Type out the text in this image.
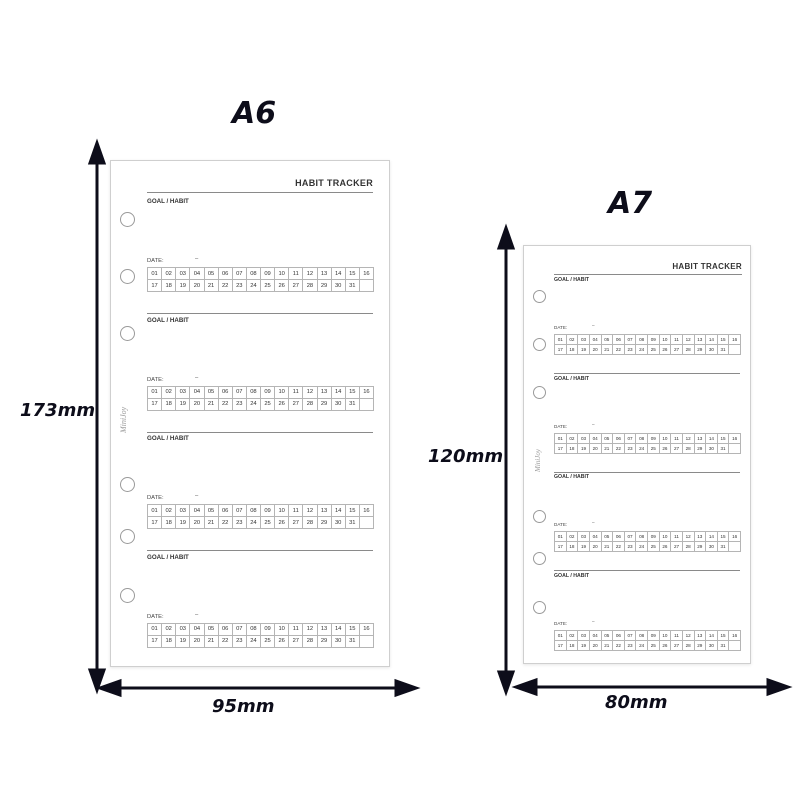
A6
A7
173mm
95mm
120mm
80mm
HABIT TRACKER
MiniJoy
GOAL / HABIT
DATE:	–
01	02	03	04	05	06	07	08	09	10	11	12	13	14	15	16
17	18	19	20	21	22	23	24	25	26	27	28	29	30	31
GOAL / HABIT
DATE:	–
01	02	03	04	05	06	07	08	09	10	11	12	13	14	15	16
17	18	19	20	21	22	23	24	25	26	27	28	29	30	31
GOAL / HABIT
DATE:	–
01	02	03	04	05	06	07	08	09	10	11	12	13	14	15	16
17	18	19	20	21	22	23	24	25	26	27	28	29	30	31
GOAL / HABIT
DATE:	–
01	02	03	04	05	06	07	08	09	10	11	12	13	14	15	16
17	18	19	20	21	22	23	24	25	26	27	28	29	30	31
HABIT TRACKER
MiniJoy
GOAL / HABIT
DATE:	–
01	02	03	04	05	06	07	08	09	10	11	12	13	14	15	16
17	18	19	20	21	22	23	24	25	26	27	28	29	30	31
GOAL / HABIT
DATE:	–
01	02	03	04	05	06	07	08	09	10	11	12	13	14	15	16
17	18	19	20	21	22	23	24	25	26	27	28	29	30	31
GOAL / HABIT
DATE:	–
01	02	03	04	05	06	07	08	09	10	11	12	13	14	15	16
17	18	19	20	21	22	23	24	25	26	27	28	29	30	31
GOAL / HABIT
DATE:	–
01	02	03	04	05	06	07	08	09	10	11	12	13	14	15	16
17	18	19	20	21	22	23	24	25	26	27	28	29	30	31
